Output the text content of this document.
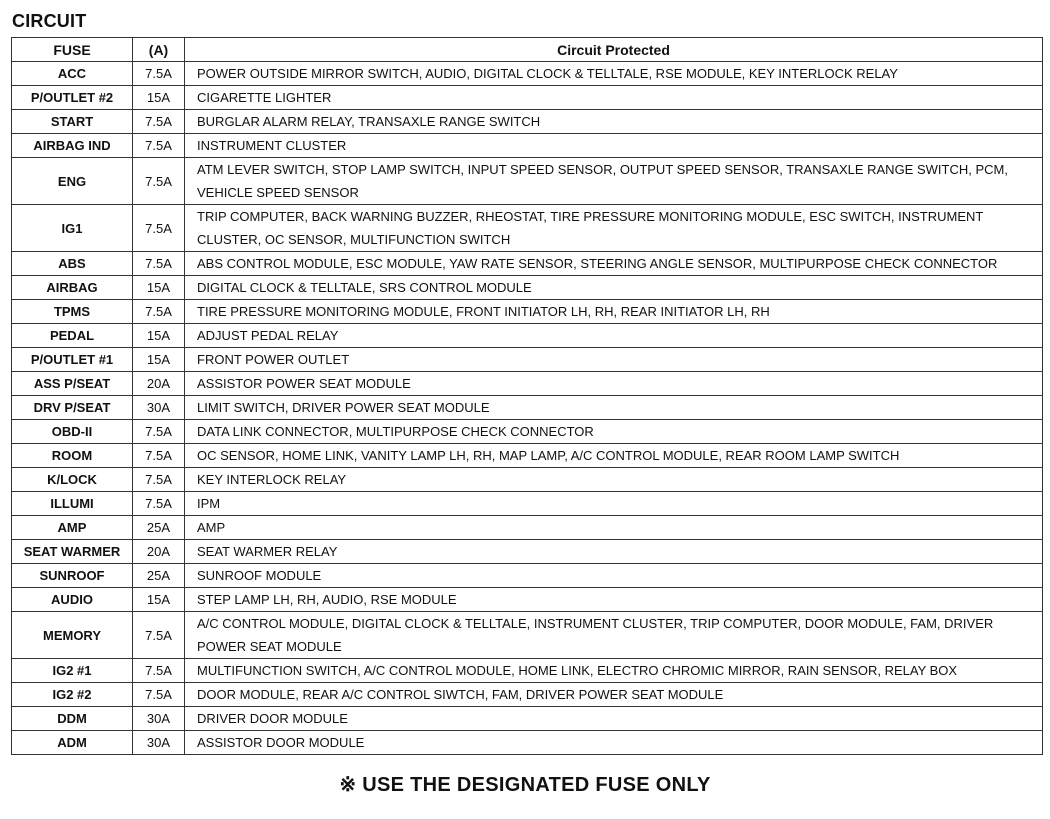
CIRCUIT
FUSE	(A)	Circuit Protected
ACC	7.5A	POWER OUTSIDE MIRROR SWITCH, AUDIO, DIGITAL CLOCK & TELLTALE, RSE MODULE, KEY INTERLOCK RELAY
P/OUTLET #2	15A	CIGARETTE LIGHTER
START	7.5A	BURGLAR ALARM RELAY, TRANSAXLE RANGE SWITCH
AIRBAG IND	7.5A	INSTRUMENT CLUSTER
ENG	7.5A	ATM LEVER SWITCH, STOP LAMP SWITCH, INPUT SPEED SENSOR, OUTPUT SPEED SENSOR, TRANSAXLE RANGE SWITCH, PCM, VEHICLE SPEED SENSOR
IG1	7.5A	TRIP COMPUTER, BACK WARNING BUZZER, RHEOSTAT, TIRE PRESSURE MONITORING MODULE, ESC SWITCH, INSTRUMENT CLUSTER, OC SENSOR, MULTIFUNCTION SWITCH
ABS	7.5A	ABS CONTROL MODULE, ESC MODULE, YAW RATE SENSOR, STEERING ANGLE SENSOR, MULTIPURPOSE CHECK CONNECTOR
AIRBAG	15A	DIGITAL CLOCK & TELLTALE, SRS CONTROL MODULE
TPMS	7.5A	TIRE PRESSURE MONITORING MODULE, FRONT INITIATOR LH, RH, REAR INITIATOR LH, RH
PEDAL	15A	ADJUST PEDAL RELAY
P/OUTLET #1	15A	FRONT POWER OUTLET
ASS P/SEAT	20A	ASSISTOR POWER SEAT MODULE
DRV P/SEAT	30A	LIMIT SWITCH, DRIVER POWER SEAT MODULE
OBD-II	7.5A	DATA LINK CONNECTOR, MULTIPURPOSE CHECK CONNECTOR
ROOM	7.5A	OC SENSOR, HOME LINK, VANITY LAMP LH, RH, MAP LAMP, A/C CONTROL MODULE, REAR ROOM LAMP SWITCH
K/LOCK	7.5A	KEY INTERLOCK RELAY
ILLUMI	7.5A	IPM
AMP	25A	AMP
SEAT WARMER	20A	SEAT WARMER RELAY
SUNROOF	25A	SUNROOF MODULE
AUDIO	15A	STEP LAMP LH, RH, AUDIO, RSE MODULE
MEMORY	7.5A	A/C CONTROL MODULE, DIGITAL CLOCK & TELLTALE, INSTRUMENT CLUSTER, TRIP COMPUTER, DOOR MODULE, FAM, DRIVER POWER SEAT MODULE
IG2 #1	7.5A	MULTIFUNCTION SWITCH, A/C CONTROL MODULE, HOME LINK, ELECTRO CHROMIC MIRROR, RAIN SENSOR, RELAY BOX
IG2 #2	7.5A	DOOR MODULE, REAR A/C CONTROL SIWTCH, FAM, DRIVER POWER SEAT MODULE
DDM	30A	DRIVER DOOR MODULE
ADM	30A	ASSISTOR DOOR MODULE
※ USE THE DESIGNATED FUSE ONLY
